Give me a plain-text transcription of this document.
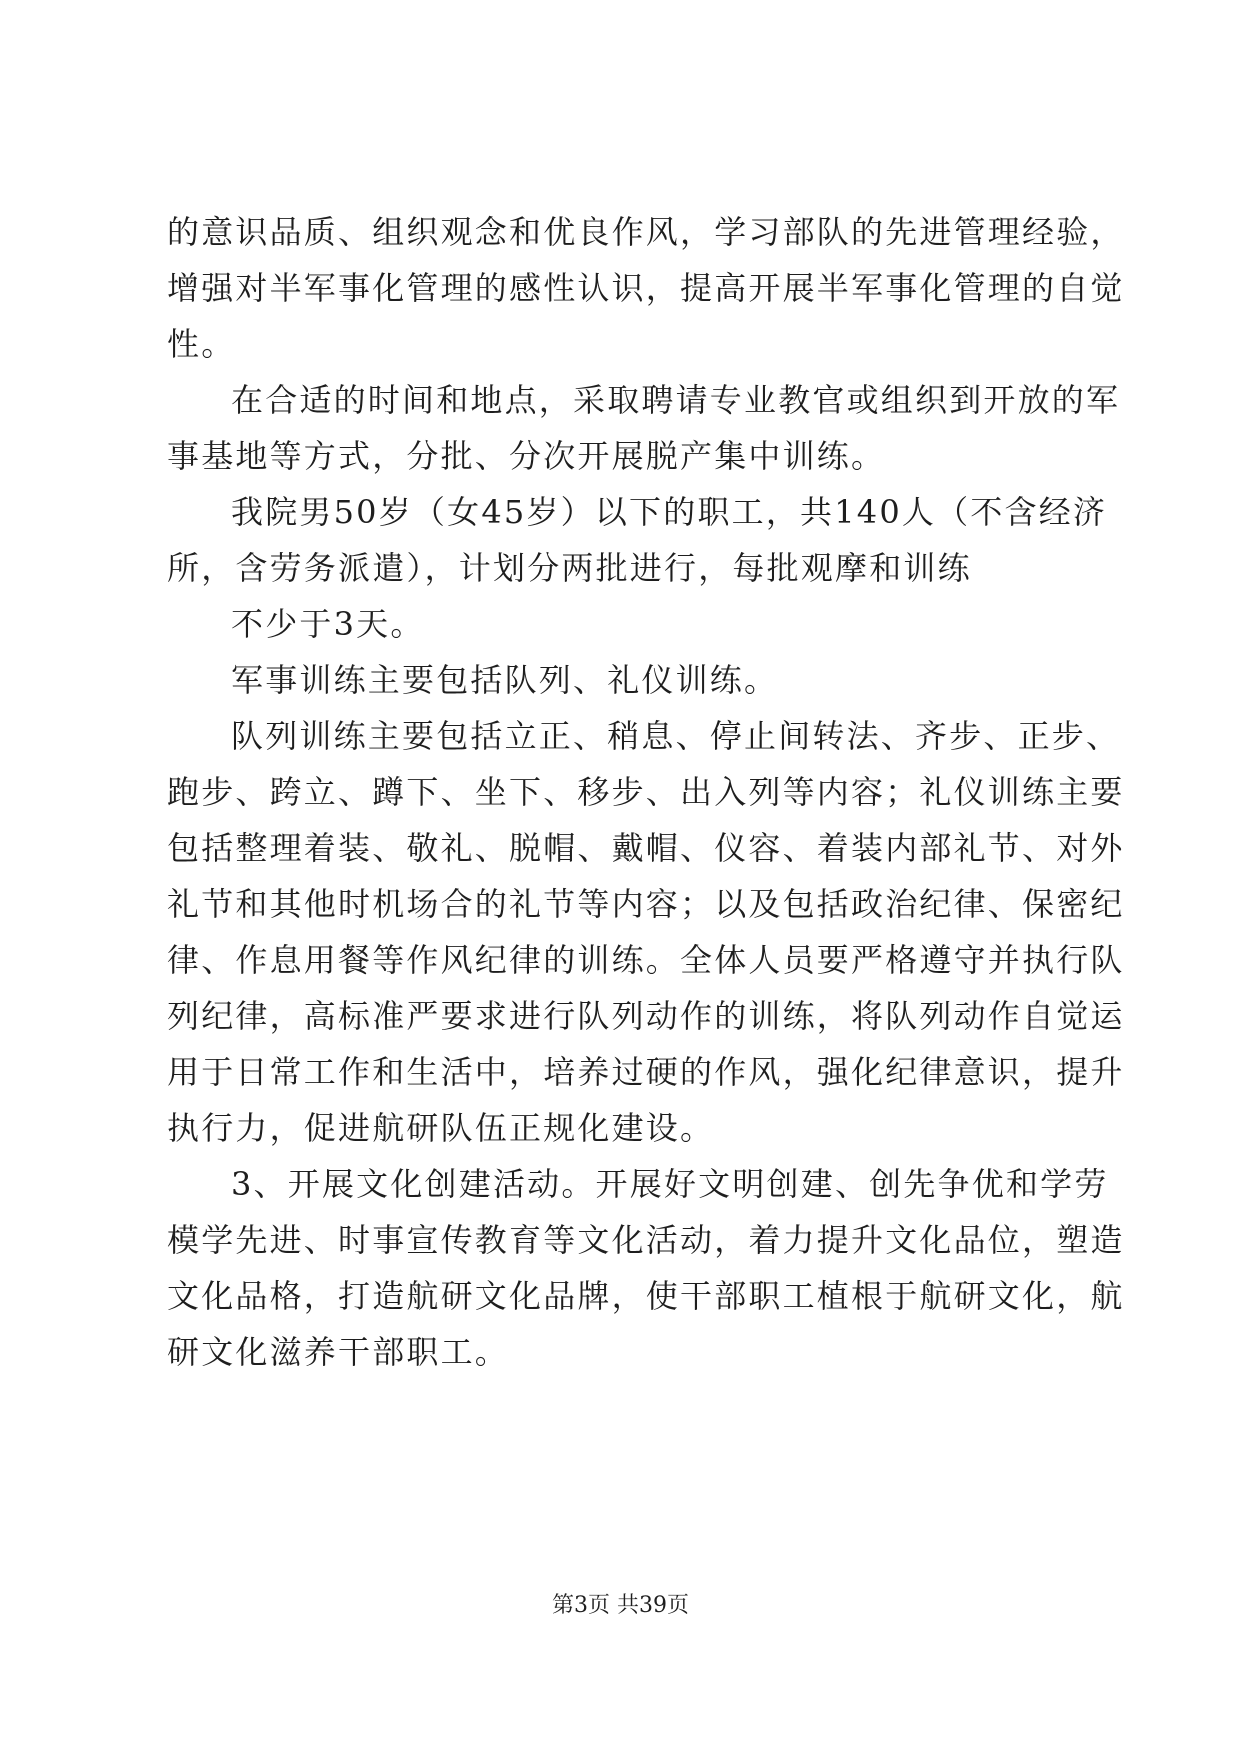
的意识品质、组织观念和优良作风，学习部队的先进管理经验，
增强对半军事化管理的感性认识，提高开展半军事化管理的自觉
性。
在合适的时间和地点，采取聘请专业教官或组织到开放的军
事基地等方式，分批、分次开展脱产集中训练。
我院男50岁（女45岁）以下的职工，共140人（不含经济
所，含劳务派遣），计划分两批进行，每批观摩和训练
不少于3天。
军事训练主要包括队列、礼仪训练。
队列训练主要包括立正、稍息、停止间转法、齐步、正步、
跑步、跨立、蹲下、坐下、移步、出入列等内容；礼仪训练主要
包括整理着装、敬礼、脱帽、戴帽、仪容、着装内部礼节、对外
礼节和其他时机场合的礼节等内容；以及包括政治纪律、保密纪
律、作息用餐等作风纪律的训练。全体人员要严格遵守并执行队
列纪律，高标准严要求进行队列动作的训练，将队列动作自觉运
用于日常工作和生活中，培养过硬的作风，强化纪律意识，提升
执行力，促进航研队伍正规化建设。
3、开展文化创建活动。开展好文明创建、创先争优和学劳
模学先进、时事宣传教育等文化活动，着力提升文化品位，塑造
文化品格，打造航研文化品牌，使干部职工植根于航研文化，航
研文化滋养干部职工。
第3页 共39页
